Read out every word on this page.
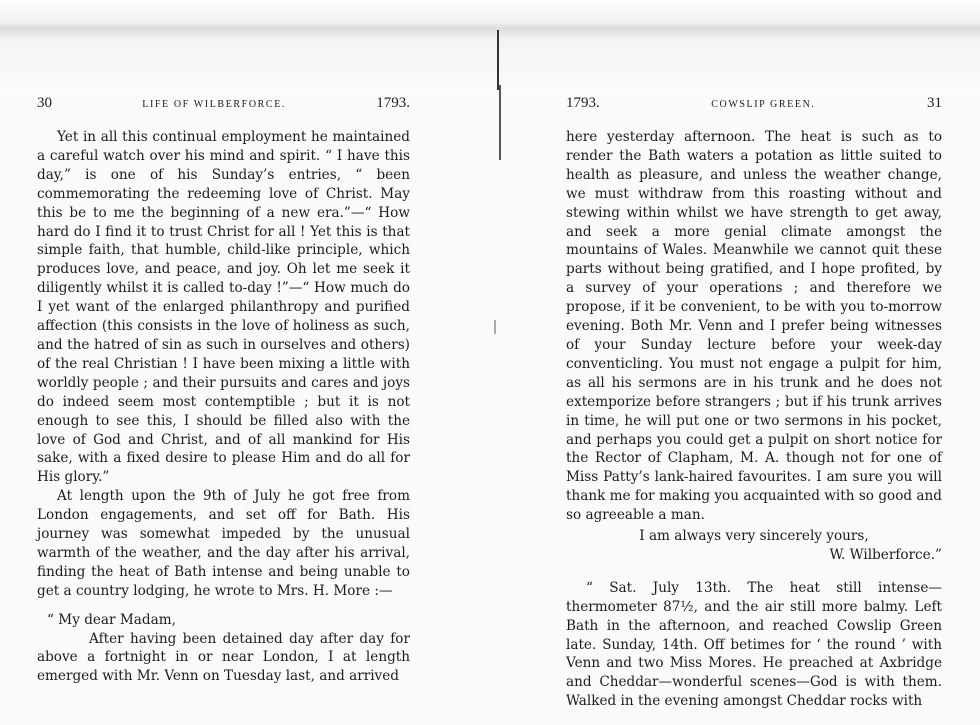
30	LIFE OF WILBERFORCE.	1793.

Yet in all this continual employment he maintained a careful watch over his mind and spirit. “ I have this day,” is one of his Sunday’s entries, “ been commemorating the redeeming love of Christ. May this be to me the beginning of a new era.”—“ How hard do I find it to trust Christ for all ! Yet this is that simple faith, that humble, child-like principle, which produces love, and peace, and joy. Oh let me seek it diligently whilst it is called to-day !”—“ How much do I yet want of the enlarged philanthropy and purified affection (this consists in the love of holiness as such, and the hatred of sin as such in ourselves and others) of the real Christian ! I have been mixing a little with worldly people ; and their pursuits and cares and joys do indeed seem most contemptible ; but it is not enough to see this, I should be filled also with the love of God and Christ, and of all mankind for His sake, with a fixed desire to please Him and do all for His glory.”

At length upon the 9th of July he got free from London engagements, and set off for Bath. His journey was somewhat impeded by the unusual warmth of the weather, and the day after his arrival, finding the heat of Bath intense and being unable to get a country lodging, he wrote to Mrs. H. More :—

“ My dear Madam,

After having been detained day after day for above a fortnight in or near London, I at length emerged with Mr. Venn on Tuesday last, and arrived

1793.	COWSLIP GREEN.	31

here yesterday afternoon. The heat is such as to render the Bath waters a potation as little suited to health as pleasure, and unless the weather change, we must withdraw from this roasting without and stewing within whilst we have strength to get away, and seek a more genial climate amongst the mountains of Wales. Meanwhile we cannot quit these parts without being gratified, and I hope profited, by a survey of your operations ; and therefore we propose, if it be convenient, to be with you to-morrow evening. Both Mr. Venn and I prefer being witnesses of your Sunday lecture before your week-day conventicling. You must not engage a pulpit for him, as all his sermons are in his trunk and he does not extemporize before strangers ; but if his trunk arrives in time, he will put one or two sermons in his pocket, and perhaps you could get a pulpit on short notice for the Rector of Clapham, M. A. though not for one of Miss Patty’s lank-haired favourites. I am sure you will thank me for making you acquainted with so good and so agreeable a man.

I am always very sincerely yours,

W. Wilberforce.”

“ Sat. July 13th. The heat still intense—thermometer 87½, and the air still more balmy. Left Bath in the afternoon, and reached Cowslip Green late. Sunday, 14th. Off betimes for ‘ the round ’ with Venn and two Miss Mores. He preached at Axbridge and Cheddar—wonderful scenes—God is with them. Walked in the evening amongst Cheddar rocks with
